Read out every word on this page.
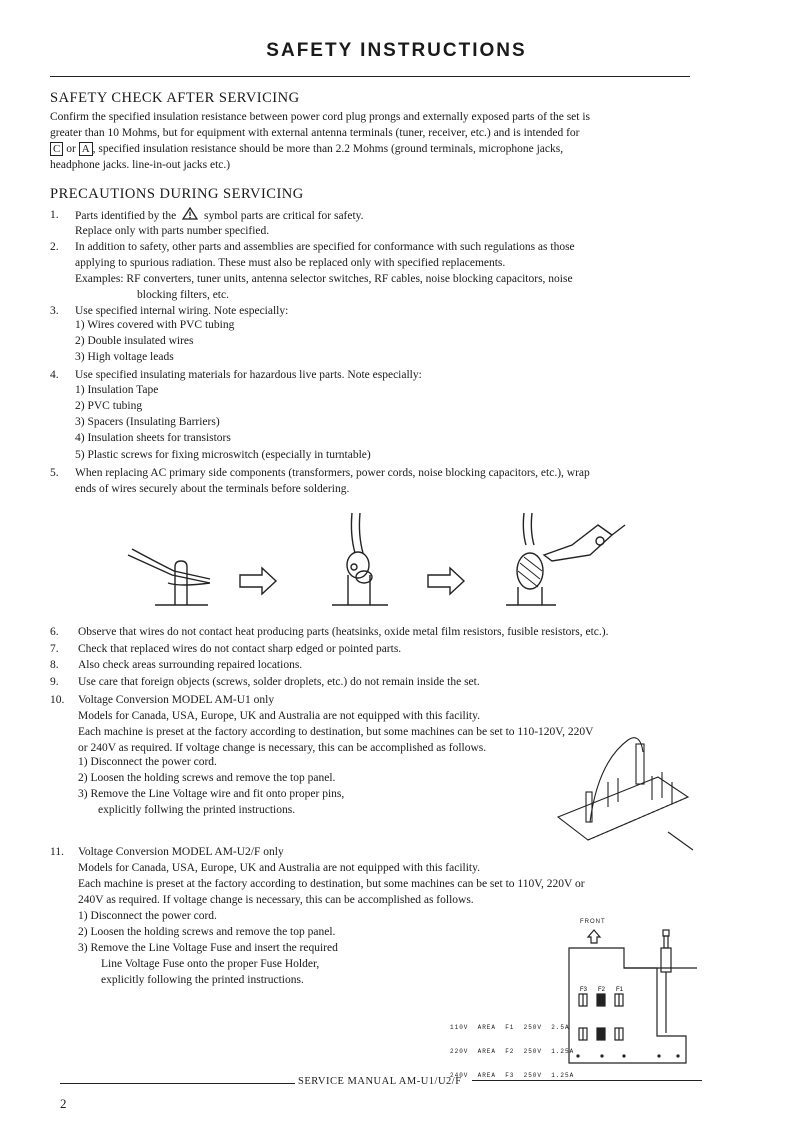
SAFETY INSTRUCTIONS
SAFETY CHECK AFTER SERVICING
Confirm the specified insulation resistance between power cord plug prongs and externally exposed parts of the set is
greater than 10 Mohms, but for equipment with external antenna terminals (tuner, receiver, etc.) and is intended for
C or A , specified insulation resistance should be more than 2.2 Mohms (ground terminals, microphone jacks,
headphone jacks. line-in-out jacks etc.)
PRECAUTIONS DURING SERVICING
1. Parts identified by the symbol parts are critical for safety.
Replace only with parts number specified.
2. In addition to safety, other parts and assemblies are specified for conformance with such regulations as those
applying to spurious radiation. These must also be replaced only with specified replacements.
Examples: RF converters, tuner units, antenna selector switches, RF cables, noise blocking capacitors, noise
blocking filters, etc.
3. Use specified internal wiring. Note especially:
1) Wires covered with PVC tubing
2) Double insulated wires
3) High voltage leads
4. Use specified insulating materials for hazardous live parts. Note especially:
1) Insulation Tape
2) PVC tubing
3) Spacers (Insulating Barriers)
4) Insulation sheets for transistors
5) Plastic screws for fixing microswitch (especially in turntable)
5. When replacing AC primary side components (transformers, power cords, noise blocking capacitors, etc.), wrap
ends of wires securely about the terminals before soldering.
6. Observe that wires do not contact heat producing parts (heatsinks, oxide metal film resistors, fusible resistors, etc.).
7. Check that replaced wires do not contact sharp edged or pointed parts.
8. Also check areas surrounding repaired locations.
9. Use care that foreign objects (screws, solder droplets, etc.) do not remain inside the set.
10. Voltage Conversion MODEL AM-U1 only
Models for Canada, USA, Europe, UK and Australia are not equipped with this facility.
Each machine is preset at the factory according to destination, but some machines can be set to 110-120V, 220V
or 240V as required. If voltage change is necessary, this can be accomplished as follows.
1) Disconnect the power cord.
2) Loosen the holding screws and remove the top panel.
3) Remove the Line Voltage wire and fit onto proper pins,
explicitly follwing the printed instructions.
11. Voltage Conversion MODEL AM-U2/F only
Models for Canada, USA, Europe, UK and Australia are not equipped with this facility.
Each machine is preset at the factory according to destination, but some machines can be set to 110V, 220V or
240V as required. If voltage change is necessary, this can be accomplished as follows.
1) Disconnect the power cord.
2) Loosen the holding screws and remove the top panel.
3) Remove the Line Voltage Fuse and insert the required
Line Voltage Fuse onto the proper Fuse Holder,
explicitly following the printed instructions.
FRONT
F3 F2 F1

110V  AREA  F1  250V  2.5A

220V  AREA  F2  250V  1.25A

240V  AREA  F3  250V  1.25A

SERVICE MANUAL AM-U1/U2/F
2
